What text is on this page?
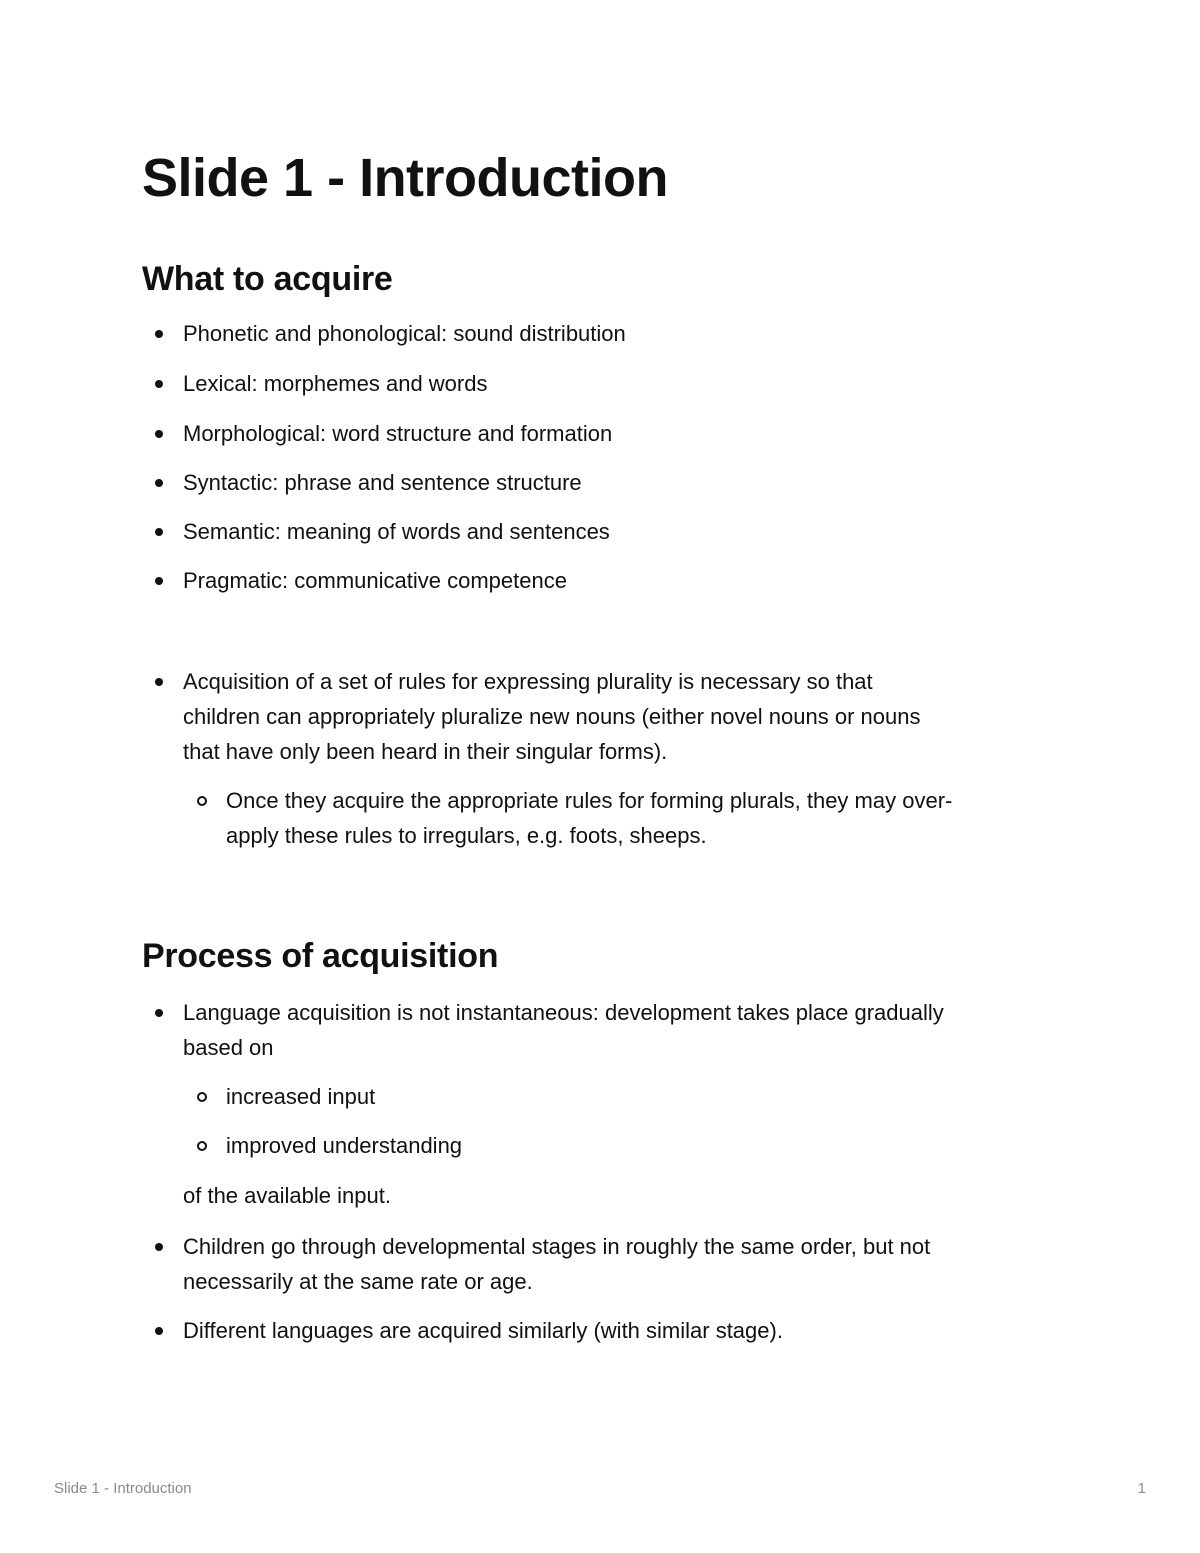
Slide 1 - Introduction
What to acquire

Phonetic and phonological: sound distribution

Lexical: morphemes and words

Morphological: word structure and formation

Syntactic: phrase and sentence structure

Semantic: meaning of words and sentences

Pragmatic: communicative competence

Acquisition of a set of rules for expressing plurality is necessary so that

children can appropriately pluralize new nouns (either novel nouns or nouns

that have only been heard in their singular forms).

Once they acquire the appropriate rules for forming plurals, they may over-

apply these rules to irregulars, e.g. foots, sheeps.

Process of acquisition

Language acquisition is not instantaneous: development takes place gradually

based on

increased input

improved understanding

of the available input.

Children go through developmental stages in roughly the same order, but not

necessarily at the same rate or age.

Different languages are acquired similarly (with similar stage).

Slide 1 - Introduction	1
